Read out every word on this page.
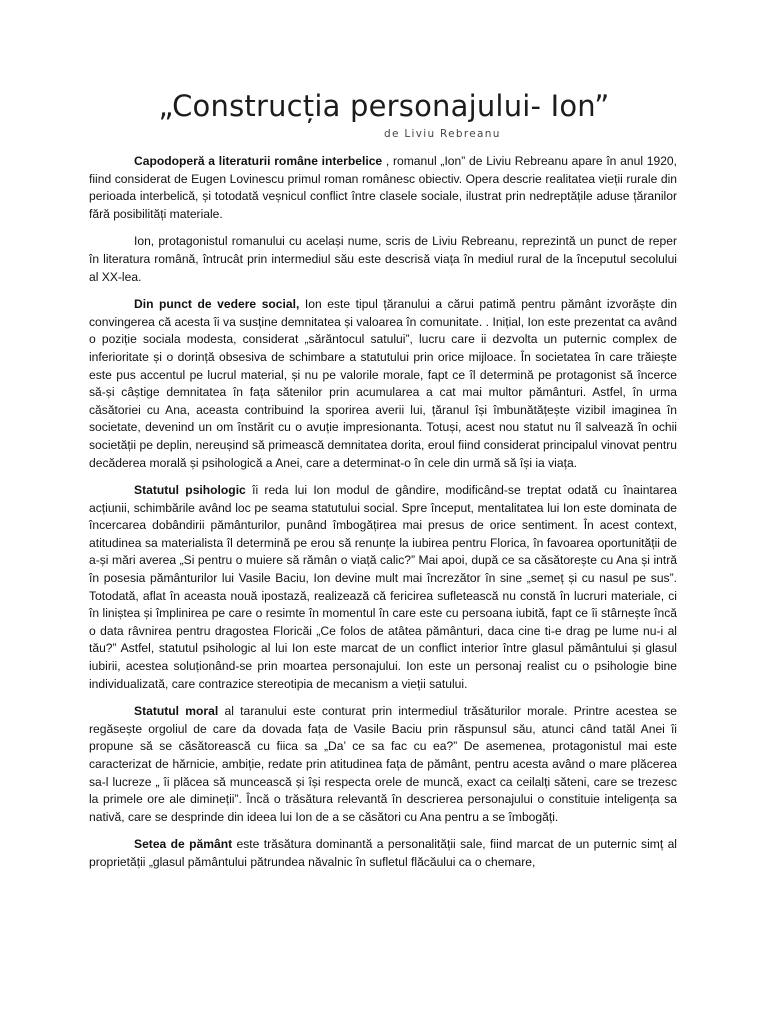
„Construcția personajului- Ion”
de Liviu Rebreanu

Capodoperă a literaturii române interbelice , romanul „Ion” de Liviu Rebreanu apare în anul 1920, fiind considerat de Eugen Lovinescu primul roman românesc obiectiv. Opera descrie realitatea vieții rurale din perioada interbelică, și totodată veșnicul conflict între clasele sociale, ilustrat prin nedreptățile aduse țăranilor fără posibilități materiale.

Ion, protagonistul romanului cu același nume, scris de Liviu Rebreanu, reprezintă un punct de reper în literatura română, întrucât prin intermediul său este descrisă viața în mediul rural de la începutul secolului al XX-lea.

Din punct de vedere social, Ion este tipul țăranului a cărui patimă pentru pământ izvorăște din convingerea că acesta îi va susține demnitatea și valoarea în comunitate. . Inițial, Ion este prezentat ca având o poziție sociala modesta, considerat „sărăntocul satului”, lucru care ii dezvolta un puternic complex de inferioritate și o dorință obsesiva de schimbare a statutului prin orice mijloace. În societatea în care trăiește este pus accentul pe lucrul material, și nu pe valorile morale, fapt ce îl determină pe protagonist să încerce să-și câștige demnitatea în fața sătenilor prin acumularea a cat mai multor pământuri. Astfel, în urma căsătoriei cu Ana, aceasta contribuind la sporirea averii lui, țăranul își îmbunătățește vizibil imaginea în societate, devenind un om înstărit cu o avuție impresionanta. Totuși, acest nou statut nu îl salvează în ochii societății pe deplin, nereușind să primească demnitatea dorita, eroul fiind considerat principalul vinovat pentru decăderea morală și psihologică a Anei, care a determinat-o în cele din urmă să își ia viața.

Statutul psihologic îi reda lui Ion modul de gândire, modificând-se treptat odată cu înaintarea acțiunii, schimbările având loc pe seama statutului social. Spre început, mentalitatea lui Ion este dominata de încercarea dobândirii pământurilor, punând îmbogățirea mai presus de orice sentiment. În acest context, atitudinea sa materialista îl determină pe erou să renunțe la iubirea pentru Florica, în favoarea oportunității de a-și mări averea „Si pentru o muiere să rămân o viață calic?” Mai apoi, după ce sa căsătorește cu Ana și intră în posesia pământurilor lui Vasile Baciu, Ion devine mult mai încrezător în sine „semeț și cu nasul pe sus”. Totodată, aflat în aceasta nouă ipostază, realizează că fericirea sufletească nu constă în lucruri materiale, ci în liniștea și împlinirea pe care o resimte în momentul în care este cu persoana iubită, fapt ce îi stârnește încă o data râvnirea pentru dragostea Floricăi „Ce folos de atâtea pământuri, daca cine ti-e drag pe lume nu-i al tău?” Astfel, statutul psihologic al lui Ion este marcat de un conflict interior între glasul pământului și glasul iubirii, acestea soluționând-se prin moartea personajului. Ion este un personaj realist cu o psihologie bine individualizată, care contrazice stereotipia de mecanism a vieții satului.

Statutul moral al taranului este conturat prin intermediul trăsăturilor morale. Printre acestea se regăsește orgoliul de care da dovada fața de Vasile Baciu prin răspunsul său, atunci când tatăl Anei îi propune să se căsătorească cu fiica sa „Da’ ce sa fac cu ea?” De asemenea, protagonistul mai este caracterizat de hărnicie, ambiție, redate prin atitudinea fața de pământ, pentru acesta având o mare plăcerea sa-l lucreze „ îi plăcea să muncească și își respecta orele de muncă, exact ca ceilalți săteni, care se trezesc la primele ore ale dimineții”. Încă o trăsătura relevantă în descrierea personajului o constituie inteligența sa nativă, care se desprinde din ideea lui Ion de a se căsători cu Ana pentru a se îmbogăți.

Setea de pământ este trăsătura dominantă a personalității sale, fiind marcat de un puternic simț al proprietății „glasul pământului pătrundea năvalnic în sufletul flăcăului ca o chemare,
